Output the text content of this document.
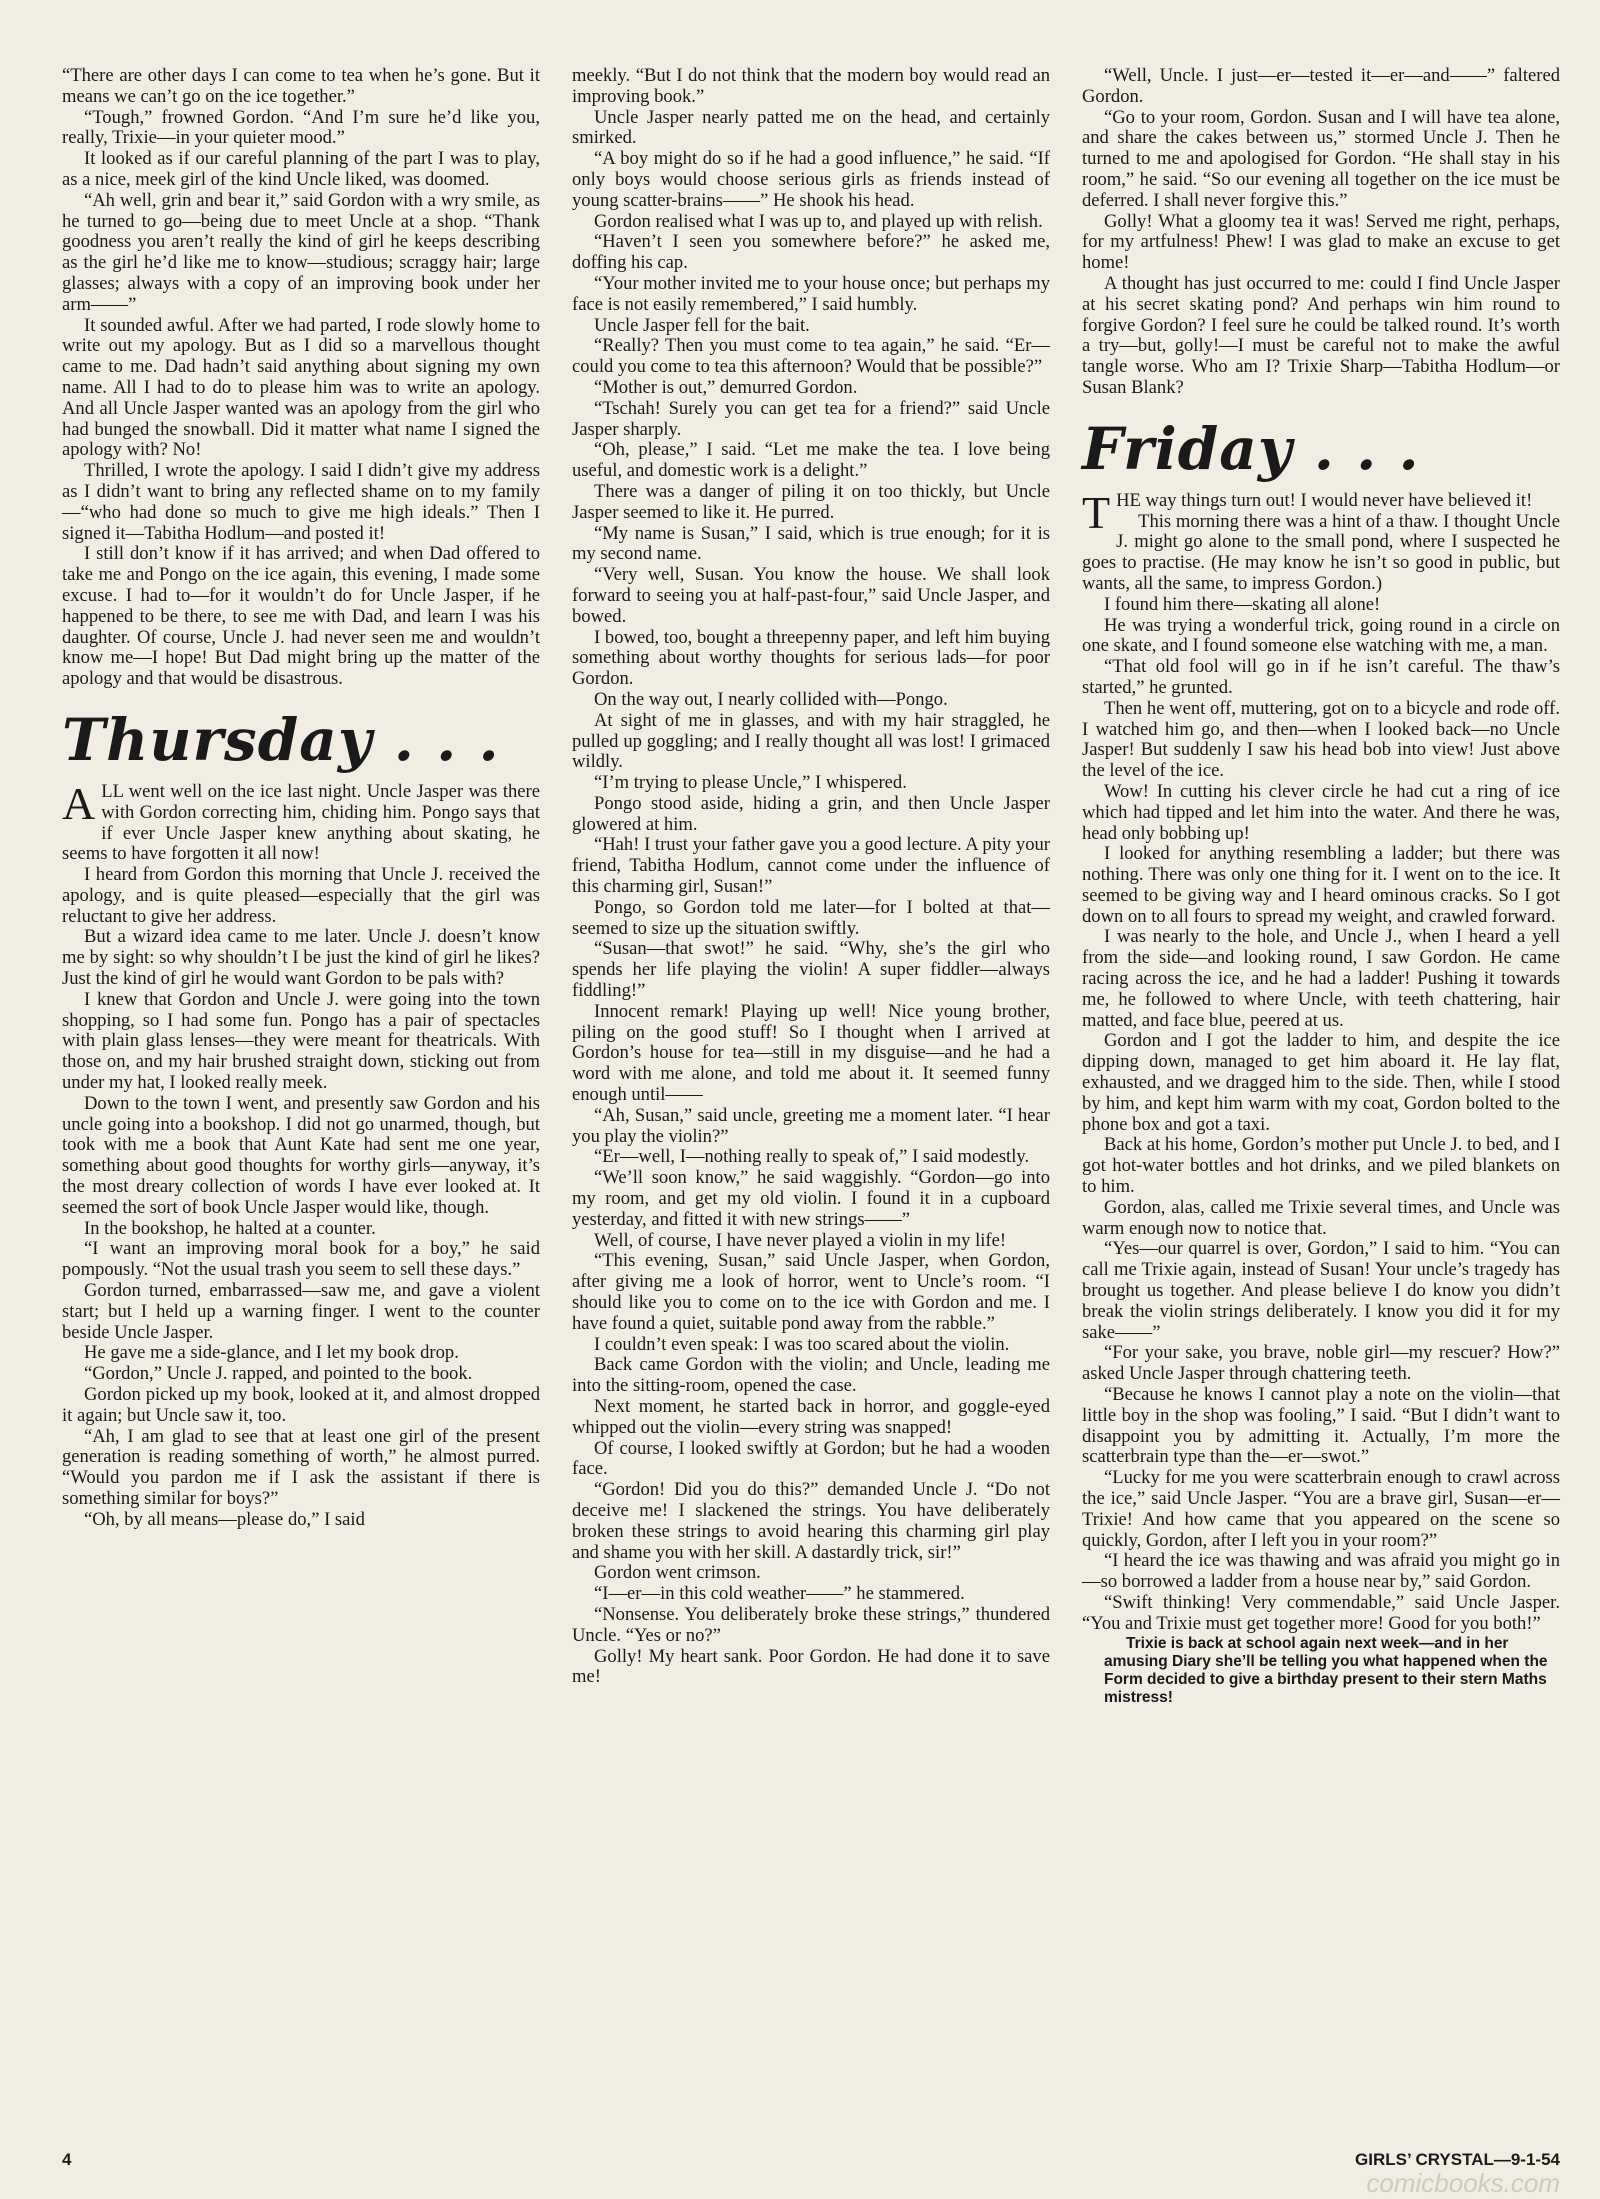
“There are other days I can come to tea when he’s gone. But it means we can’t go on the ice together.”

“Tough,” frowned Gordon. “And I’m sure he’d like you, really, Trixie—in your quieter mood.”

It looked as if our careful planning of the part I was to play, as a nice, meek girl of the kind Uncle liked, was doomed.

“Ah well, grin and bear it,” said Gordon with a wry smile, as he turned to go—being due to meet Uncle at a shop. “Thank goodness you aren’t really the kind of girl he keeps describing as the girl he’d like me to know—studious; scraggy hair; large glasses; always with a copy of an improving book under her arm——”

It sounded awful. After we had parted, I rode slowly home to write out my apology. But as I did so a marvellous thought came to me. Dad hadn’t said anything about signing my own name. All I had to do to please him was to write an apology. And all Uncle Jasper wanted was an apology from the girl who had bunged the snowball. Did it matter what name I signed the apology with? No!

Thrilled, I wrote the apology. I said I didn’t give my address as I didn’t want to bring any reflected shame on to my family—“who had done so much to give me high ideals.” Then I signed it—Tabitha Hodlum—and posted it!

I still don’t know if it has arrived; and when Dad offered to take me and Pongo on the ice again, this evening, I made some excuse. I had to—for it wouldn’t do for Uncle Jasper, if he happened to be there, to see me with Dad, and learn I was his daughter. Of course, Uncle J. had never seen me and wouldn’t know me—I hope! But Dad might bring up the matter of the apology and that would be disastrous.

Thursday . . .

ALL went well on the ice last night. Uncle Jasper was there with Gordon correcting him, chiding him. Pongo says that if ever Uncle Jasper knew anything about skating, he seems to have forgotten it all now!

I heard from Gordon this morning that Uncle J. received the apology, and is quite pleased—especially that the girl was reluctant to give her address.

But a wizard idea came to me later. Uncle J. doesn’t know me by sight: so why shouldn’t I be just the kind of girl he likes? Just the kind of girl he would want Gordon to be pals with?

I knew that Gordon and Uncle J. were going into the town shopping, so I had some fun. Pongo has a pair of spectacles with plain glass lenses—they were meant for theatricals. With those on, and my hair brushed straight down, sticking out from under my hat, I looked really meek.

Down to the town I went, and presently saw Gordon and his uncle going into a bookshop. I did not go unarmed, though, but took with me a book that Aunt Kate had sent me one year, something about good thoughts for worthy girls—anyway, it’s the most dreary collection of words I have ever looked at. It seemed the sort of book Uncle Jasper would like, though.

In the bookshop, he halted at a counter.

“I want an improving moral book for a boy,” he said pompously. “Not the usual trash you seem to sell these days.”

Gordon turned, embarrassed—saw me, and gave a violent start; but I held up a warning finger. I went to the counter beside Uncle Jasper.

He gave me a side-glance, and I let my book drop.

“Gordon,” Uncle J. rapped, and pointed to the book.

Gordon picked up my book, looked at it, and almost dropped it again; but Uncle saw it, too.

“Ah, I am glad to see that at least one girl of the present generation is reading something of worth,” he almost purred. “Would you pardon me if I ask the assistant if there is something similar for boys?”

“Oh, by all means—please do,” I said

meekly. “But I do not think that the modern boy would read an improving book.”

Uncle Jasper nearly patted me on the head, and certainly smirked.

“A boy might do so if he had a good influence,” he said. “If only boys would choose serious girls as friends instead of young scatter-brains——” He shook his head.

Gordon realised what I was up to, and played up with relish.

“Haven’t I seen you somewhere before?” he asked me, doffing his cap.

“Your mother invited me to your house once; but perhaps my face is not easily remembered,” I said humbly.

Uncle Jasper fell for the bait.

“Really? Then you must come to tea again,” he said. “Er—could you come to tea this afternoon? Would that be possible?”

“Mother is out,” demurred Gordon.

“Tschah! Surely you can get tea for a friend?” said Uncle Jasper sharply.

“Oh, please,” I said. “Let me make the tea. I love being useful, and domestic work is a delight.”

There was a danger of piling it on too thickly, but Uncle Jasper seemed to like it. He purred.

“My name is Susan,” I said, which is true enough; for it is my second name.

“Very well, Susan. You know the house. We shall look forward to seeing you at half-past-four,” said Uncle Jasper, and bowed.

I bowed, too, bought a threepenny paper, and left him buying something about worthy thoughts for serious lads—for poor Gordon.

On the way out, I nearly collided with—Pongo.

At sight of me in glasses, and with my hair straggled, he pulled up goggling; and I really thought all was lost! I grimaced wildly.

“I’m trying to please Uncle,” I whispered.

Pongo stood aside, hiding a grin, and then Uncle Jasper glowered at him.

“Hah! I trust your father gave you a good lecture. A pity your friend, Tabitha Hodlum, cannot come under the influence of this charming girl, Susan!”

Pongo, so Gordon told me later—for I bolted at that—seemed to size up the situation swiftly.

“Susan—that swot!” he said. “Why, she’s the girl who spends her life playing the violin! A super fiddler—always fiddling!”

Innocent remark! Playing up well! Nice young brother, piling on the good stuff! So I thought when I arrived at Gordon’s house for tea—still in my disguise—and he had a word with me alone, and told me about it. It seemed funny enough until——

“Ah, Susan,” said uncle, greeting me a moment later. “I hear you play the violin?”

“Er—well, I—nothing really to speak of,” I said modestly.

“We’ll soon know,” he said waggishly. “Gordon—go into my room, and get my old violin. I found it in a cupboard yesterday, and fitted it with new strings——”

Well, of course, I have never played a violin in my life!

“This evening, Susan,” said Uncle Jasper, when Gordon, after giving me a look of horror, went to Uncle’s room. “I should like you to come on to the ice with Gordon and me. I have found a quiet, suitable pond away from the rabble.”

I couldn’t even speak: I was too scared about the violin.

Back came Gordon with the violin; and Uncle, leading me into the sitting-room, opened the case.

Next moment, he started back in horror, and goggle-eyed whipped out the violin—every string was snapped!

Of course, I looked swiftly at Gordon; but he had a wooden face.

“Gordon! Did you do this?” demanded Uncle J. “Do not deceive me! I slackened the strings. You have deliberately broken these strings to avoid hearing this charming girl play and shame you with her skill. A dastardly trick, sir!”

Gordon went crimson.

“I—er—in this cold weather——” he stammered.

“Nonsense. You deliberately broke these strings,” thundered Uncle. “Yes or no?”

Golly! My heart sank. Poor Gordon. He had done it to save me!

“Well, Uncle. I just—er—tested it—er—and——” faltered Gordon.

“Go to your room, Gordon. Susan and I will have tea alone, and share the cakes between us,” stormed Uncle J. Then he turned to me and apologised for Gordon. “He shall stay in his room,” he said. “So our evening all together on the ice must be deferred. I shall never forgive this.”

Golly! What a gloomy tea it was! Served me right, perhaps, for my artfulness! Phew! I was glad to make an excuse to get home!

A thought has just occurred to me: could I find Uncle Jasper at his secret skating pond? And perhaps win him round to forgive Gordon? I feel sure he could be talked round. It’s worth a try—but, golly!—I must be careful not to make the awful tangle worse. Who am I? Trixie Sharp—Tabitha Hodlum—or Susan Blank?

Friday . . .

THE way things turn out! I would never have believed it!

This morning there was a hint of a thaw. I thought Uncle J. might go alone to the small pond, where I suspected he goes to practise. (He may know he isn’t so good in public, but wants, all the same, to impress Gordon.)

I found him there—skating all alone!

He was trying a wonderful trick, going round in a circle on one skate, and I found someone else watching with me, a man.

“That old fool will go in if he isn’t careful. The thaw’s started,” he grunted.

Then he went off, muttering, got on to a bicycle and rode off. I watched him go, and then—when I looked back—no Uncle Jasper! But suddenly I saw his head bob into view! Just above the level of the ice.

Wow! In cutting his clever circle he had cut a ring of ice which had tipped and let him into the water. And there he was, head only bobbing up!

I looked for anything resembling a ladder; but there was nothing. There was only one thing for it. I went on to the ice. It seemed to be giving way and I heard ominous cracks. So I got down on to all fours to spread my weight, and crawled forward.

I was nearly to the hole, and Uncle J., when I heard a yell from the side—and looking round, I saw Gordon. He came racing across the ice, and he had a ladder! Pushing it towards me, he followed to where Uncle, with teeth chattering, hair matted, and face blue, peered at us.

Gordon and I got the ladder to him, and despite the ice dipping down, managed to get him aboard it. He lay flat, exhausted, and we dragged him to the side. Then, while I stood by him, and kept him warm with my coat, Gordon bolted to the phone box and got a taxi.

Back at his home, Gordon’s mother put Uncle J. to bed, and I got hot-water bottles and hot drinks, and we piled blankets on to him.

Gordon, alas, called me Trixie several times, and Uncle was warm enough now to notice that.

“Yes—our quarrel is over, Gordon,” I said to him. “You can call me Trixie again, instead of Susan! Your uncle’s tragedy has brought us together. And please believe I do know you didn’t break the violin strings deliberately. I know you did it for my sake——”

“For your sake, you brave, noble girl—my rescuer? How?” asked Uncle Jasper through chattering teeth.

“Because he knows I cannot play a note on the violin—that little boy in the shop was fooling,” I said. “But I didn’t want to disappoint you by admitting it. Actually, I’m more the scatterbrain type than the—er—swot.”

“Lucky for me you were scatterbrain enough to crawl across the ice,” said Uncle Jasper. “You are a brave girl, Susan—er—Trixie! And how came that you appeared on the scene so quickly, Gordon, after I left you in your room?”

“I heard the ice was thawing and was afraid you might go in—so borrowed a ladder from a house near by,” said Gordon.

“Swift thinking! Very commendable,” said Uncle Jasper. “You and Trixie must get together more! Good for you both!”

Trixie is back at school again next week—and in her amusing Diary she’ll be telling you what happened when the Form decided to give a birthday present to their stern Maths mistress!

4	GIRLS’ CRYSTAL—9-1-54
comicbooks.com
